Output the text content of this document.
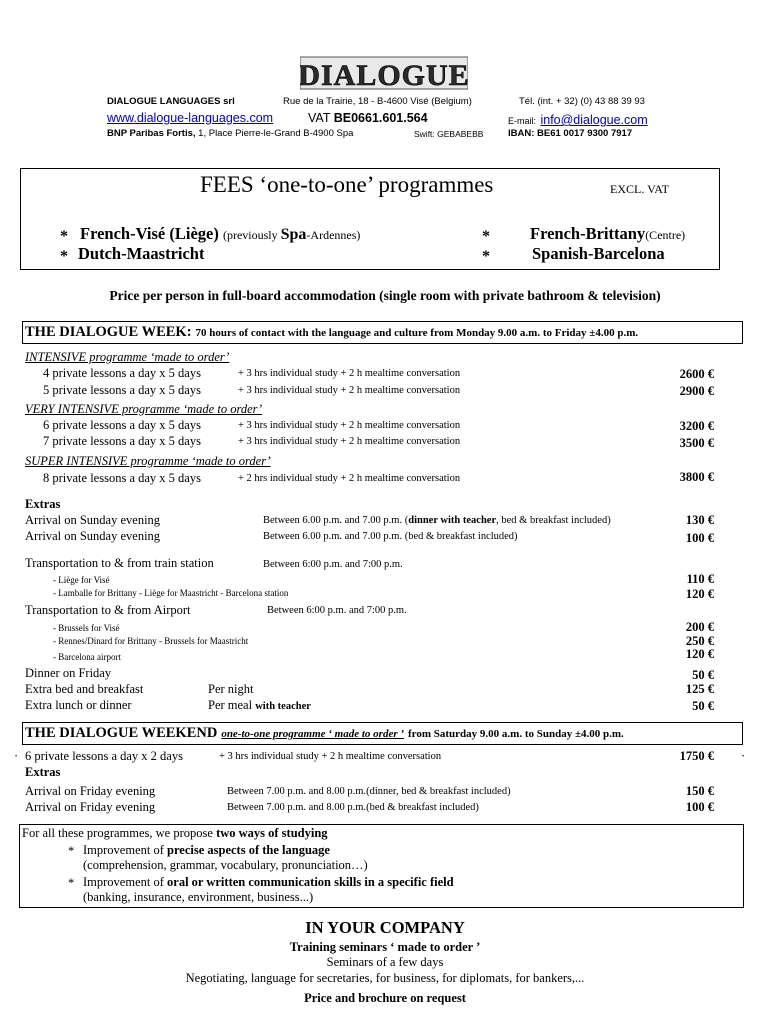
DIALOGUE
DIALOGUE LANGUAGES srl	Rue de la Trairie, 18 - B-4600 Visé (Belgium)	Tél. (int. + 32) (0) 43 88 39 93
www.dialogue-languages.com	VAT BE0661.601.564	E-mail: info@dialogue.com
BNP Paribas Fortis, 1, Place Pierre-le-Grand B-4900 Spa	Swift: GEBABEBB	IBAN: BE61 0017 9300 7917
FEES ‘one-to-one’ programmes	EXCL. VAT
* French-Visé (Liège) (previously Spa-Ardennes)
* Dutch-Maastricht
* French-Brittany(Centre)
*	Spanish-Barcelona
Price per person in full-board accommodation (single room with private bathroom & television)
THE DIALOGUE WEEK: 70 hours of contact with the language and culture from Monday 9.00 a.m. to Friday ±4.00 p.m.
INTENSIVE programme ‘made to order’
4 private lessons a day x 5 days	+ 3 hrs individual study + 2 h mealtime conversation	2600 €
5 private lessons a day x 5 days	+ 3 hrs individual study + 2 h mealtime conversation	2900 €
VERY INTENSIVE programme ‘made to order’
6 private lessons a day x 5 days	+ 3 hrs individual study + 2 h mealtime conversation	3200 €
7 private lessons a day x 5 days	+ 3 hrs individual study + 2 h mealtime conversation	3500 €
SUPER INTENSIVE programme ‘made to order’
8 private lessons a day x 5 days	+ 2 hrs individual study + 2 h mealtime conversation	3800 €
Extras
Arrival on Sunday evening	Between 6.00 p.m. and 7.00 p.m. (dinner with teacher, bed & breakfast included)	130 €
Arrival on Sunday evening	Between 6.00 p.m. and 7.00 p.m. (bed & breakfast included)	100 €
Transportation to & from train station	Between 6:00 p.m. and 7:00 p.m.
- Liège for Visé	110 €
- Lamballe for Brittany - Liège for Maastricht - Barcelona station	120 €
Transportation to & from Airport	Between 6:00 p.m. and 7:00 p.m.
- Brussels for Visé	200 €
- Rennes/Dinard for Brittany - Brussels for Maastricht	250 €
- Barcelona airport	120 €
Dinner on Friday	50 €
Extra bed and breakfast	Per night	125 €
Extra lunch or dinner	Per meal with teacher	50 €
THE DIALOGUE WEEKEND one-to-one programme ‘ made to order ’ from Saturday 9.00 a.m. to Sunday ±4.00 p.m.
· 6 private lessons a day x 2 days	+ 3 hrs individual study + 2 h mealtime conversation	1750 € ·
Extras
Arrival on Friday evening	Between 7.00 p.m. and 8.00 p.m.(dinner, bed & breakfast included)	150 €
Arrival on Friday evening	Between 7.00 p.m. and 8.00 p.m.(bed & breakfast included)	100 €
For all these programmes, we propose two ways of studying
* Improvement of precise aspects of the language
(comprehension, grammar, vocabulary, pronunciation…)
* Improvement of oral or written communication skills in a specific field
(banking, insurance, environment, business...)
IN YOUR COMPANY
Training seminars ‘ made to order ’
Seminars of a few days
Negotiating, language for secretaries, for business, for diplomats, for bankers,...
Price and brochure on request
